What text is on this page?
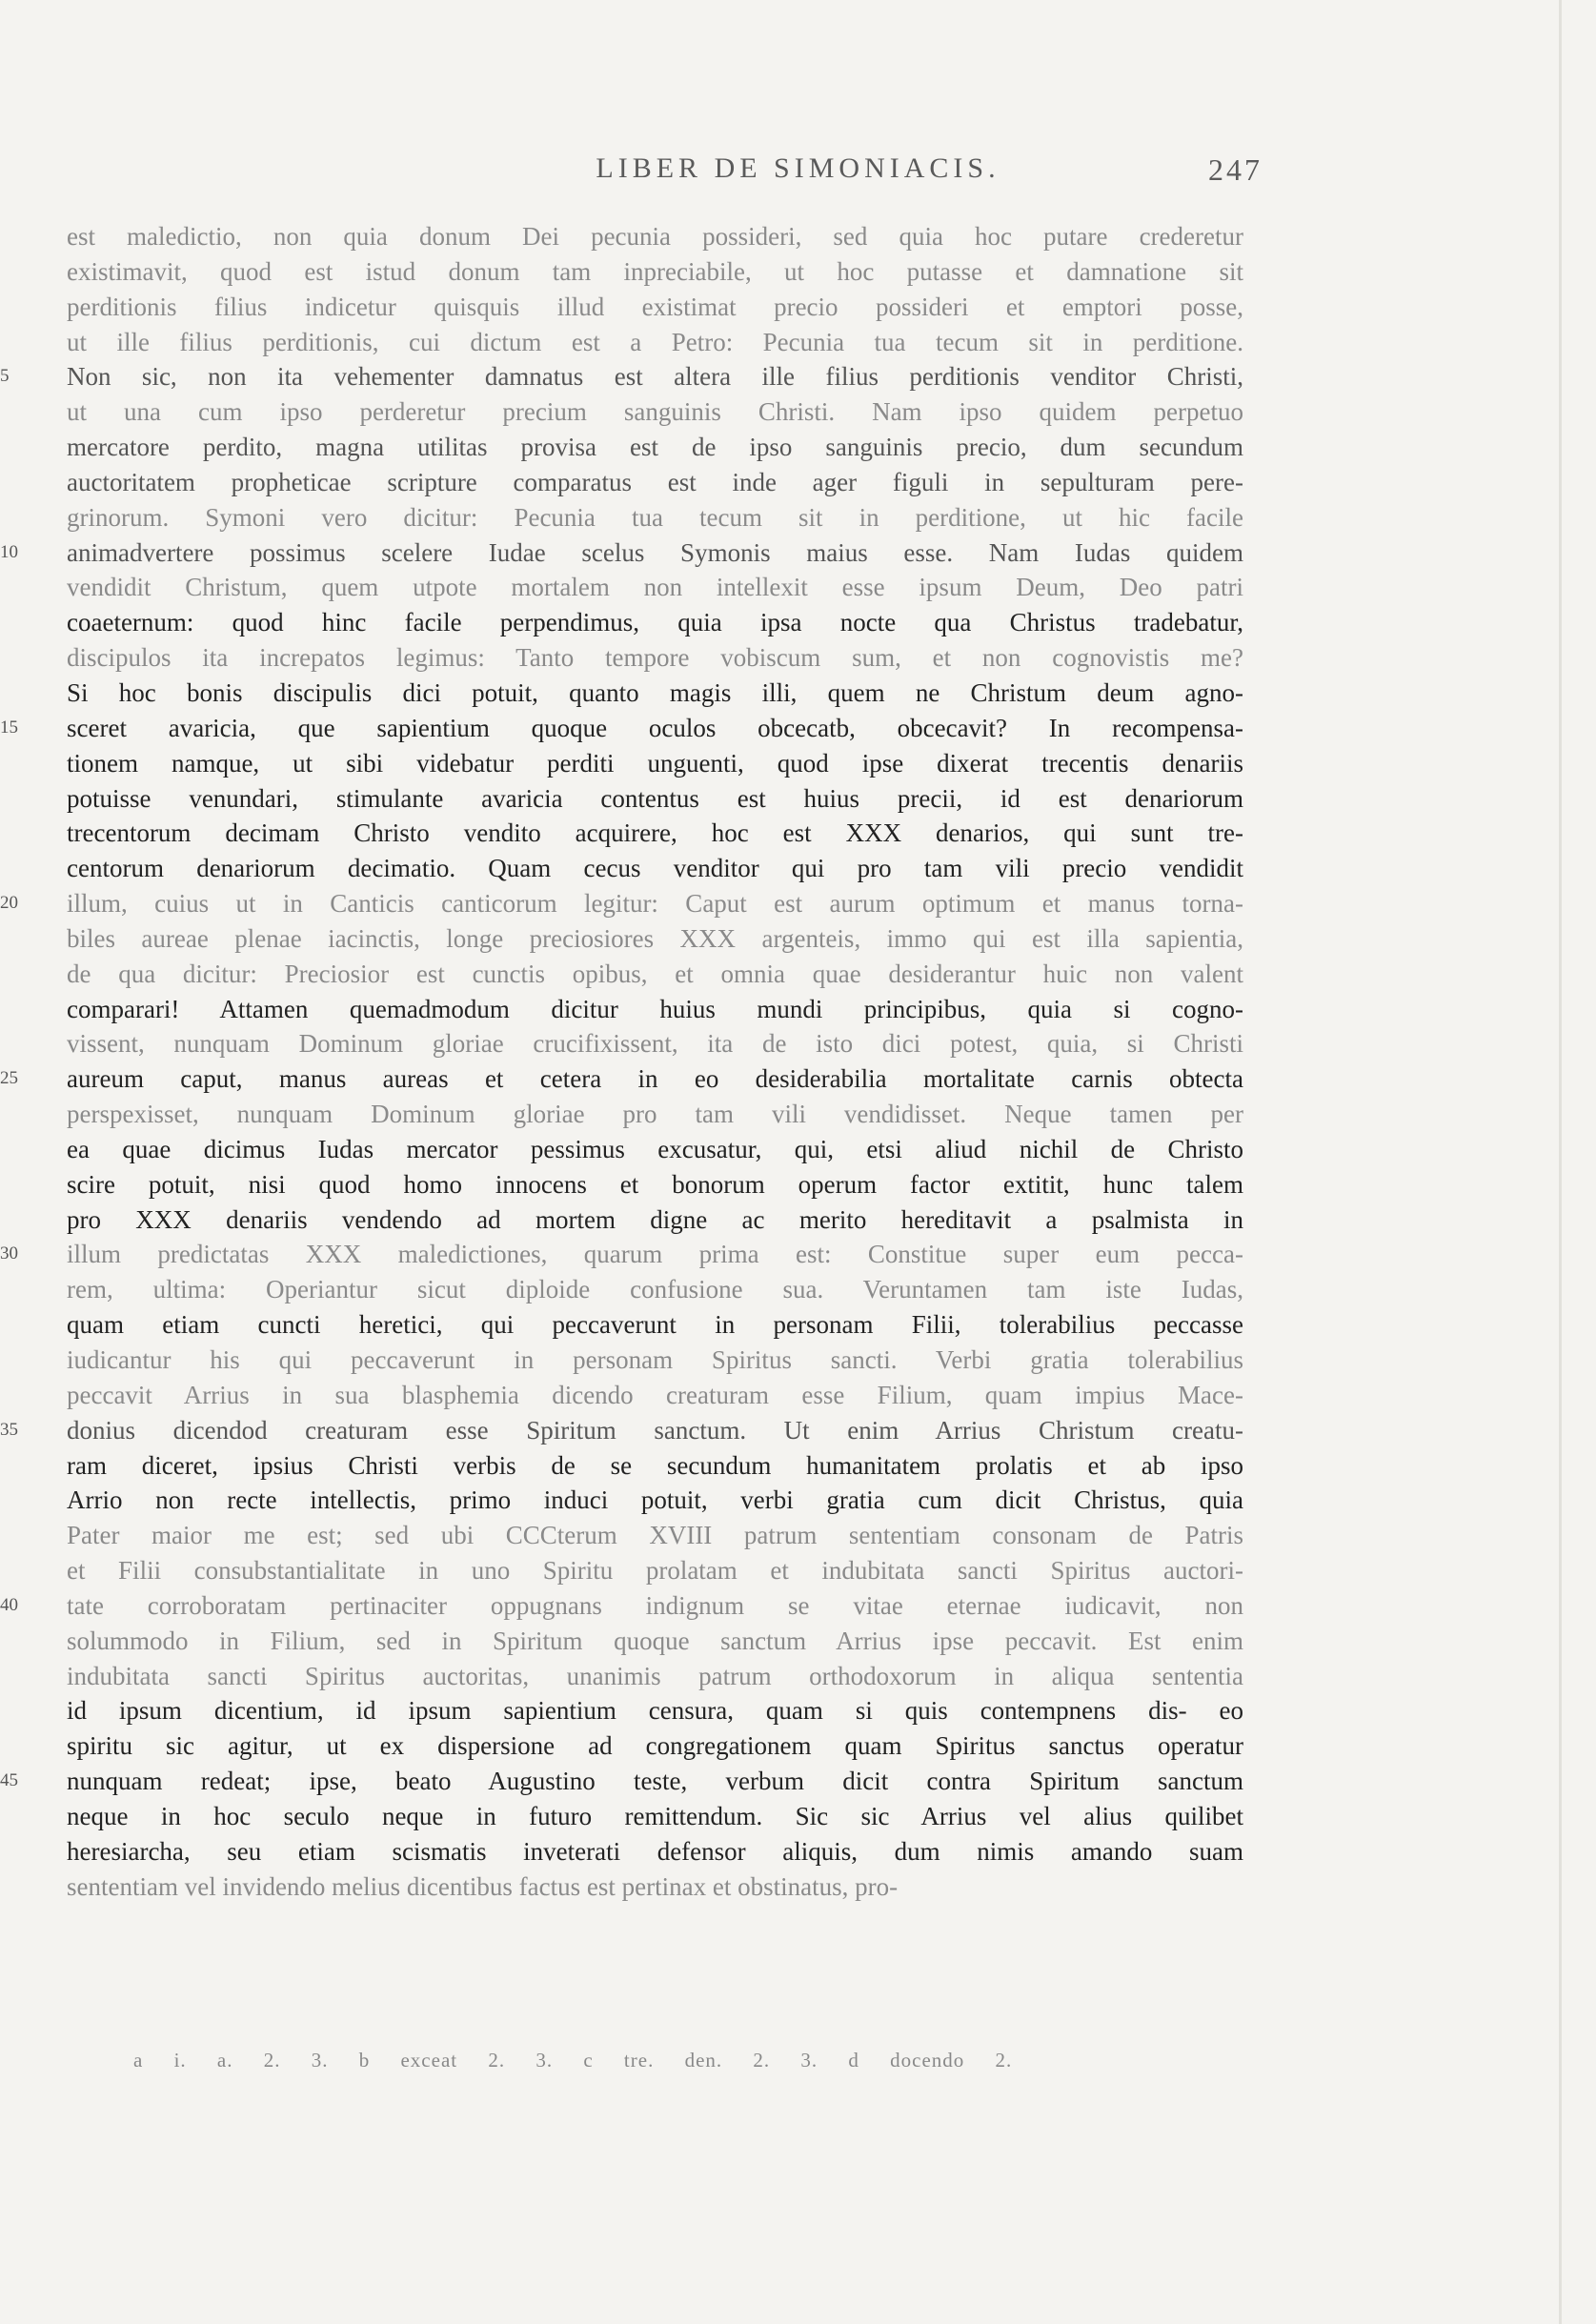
LIBER DE SIMONIACIS.	247
est maledictio, non quia donum Dei pecunia possideri, sed quia hoc putare crederetur
existimavit, quod est istud donum tam inpreciabile, ut hoc putasse et damnatione sit
perditionis filius indicetur quisquis illud existimat precio possideri et emptori posse,
ut ille filius perditionis, cui dictum est a Petro: Pecunia tua tecum sit in perditione.
5	Non sic, non ita vehementer damnatus est altera ille filius perditionis venditor Christi,
ut una cum ipso perderetur precium sanguinis Christi. Nam ipso quidem perpetuo
mercatore perdito, magna utilitas provisa est de ipso sanguinis precio, dum secundum
auctoritatem propheticae scripture comparatus est inde ager figuli in sepulturam pere-
grinorum. Symoni vero dicitur: Pecunia tua tecum sit in perditione, ut hic facile
10	animadvertere possimus scelere Iudae scelus Symonis maius esse. Nam Iudas quidem
vendidit Christum, quem utpote mortalem non intellexit esse ipsum Deum, Deo patri
coaeternum: quod hinc facile perpendimus, quia ipsa nocte qua Christus tradebatur,
discipulos ita increpatos legimus: Tanto tempore vobiscum sum, et non cognovistis me?
Si hoc bonis discipulis dici potuit, quanto magis illi, quem ne Christum deum agno-
15	sceret avaricia, que sapientium quoque oculos obcecatb, obcecavit? In recompensa-
tionem namque, ut sibi videbatur perditi unguenti, quod ipse dixerat trecentis denariis
potuisse venundari, stimulante avaricia contentus est huius precii, id est denariorum
trecentorum decimam Christo vendito acquirere, hoc est XXX denarios, qui sunt tre-
centorum denariorum decimatio. Quam cecus venditor qui pro tam vili precio vendidit
20	illum, cuius ut in Canticis canticorum legitur: Caput est aurum optimum et manus torna-
biles aureae plenae iacinctis, longe preciosiores XXX argenteis, immo qui est illa sapientia,
de qua dicitur: Preciosior est cunctis opibus, et omnia quae desiderantur huic non valent
comparari! Attamen quemadmodum dicitur huius mundi principibus, quia si cogno-
vissent, nunquam Dominum gloriae crucifixissent, ita de isto dici potest, quia, si Christi
25	aureum caput, manus aureas et cetera in eo desiderabilia mortalitate carnis obtecta
perspexisset, nunquam Dominum gloriae pro tam vili vendidisset. Neque tamen per
ea quae dicimus Iudas mercator pessimus excusatur, qui, etsi aliud nichil de Christo
scire potuit, nisi quod homo innocens et bonorum operum factor extitit, hunc talem
pro XXX denariis vendendo ad mortem digne ac merito hereditavit a psalmista in
30	illum predictatas XXX maledictiones, quarum prima est: Constitue super eum pecca-
rem, ultima: Operiantur sicut diploide confusione sua. Veruntamen tam iste Iudas,
quam etiam cuncti heretici, qui peccaverunt in personam Filii, tolerabilius peccasse
iudicantur his qui peccaverunt in personam Spiritus sancti. Verbi gratia tolerabilius
peccavit Arrius in sua blasphemia dicendo creaturam esse Filium, quam impius Mace-
35	donius dicendod creaturam esse Spiritum sanctum. Ut enim Arrius Christum creatu-
ram diceret, ipsius Christi verbis de se secundum humanitatem prolatis et ab ipso
Arrio non recte intellectis, primo induci potuit, verbi gratia cum dicit Christus, quia
Pater maior me est; sed ubi CCCterum XVIII patrum sententiam consonam de Patris
et Filii consubstantialitate in uno Spiritu prolatam et indubitata sancti Spiritus auctori-
40	tate corroboratam pertinaciter oppugnans indignum se vitae eternae iudicavit, non
solummodo in Filium, sed in Spiritum quoque sanctum Arrius ipse peccavit. Est enim
indubitata sancti Spiritus auctoritas, unanimis patrum orthodoxorum in aliqua sententia
id ipsum dicentium, id ipsum sapientium censura, quam si quis contempnens dis- eo
spiritu sic agitur, ut ex dispersione ad congregationem quam Spiritus sanctus operatur
45	nunquam redeat; ipse, beato Augustino teste, verbum dicit contra Spiritum sanctum
neque in hoc seculo neque in futuro remittendum. Sic sic Arrius vel alius quilibet
heresiarcha, seu etiam scismatis inveterati defensor aliquis, dum nimis amando suam
sententiam vel invidendo melius dicentibus factus est pertinax et obstinatus, pro-
a i. a. 2. 3. b exceat 2. 3. c tre. den. 2. 3. d docendo 2.
